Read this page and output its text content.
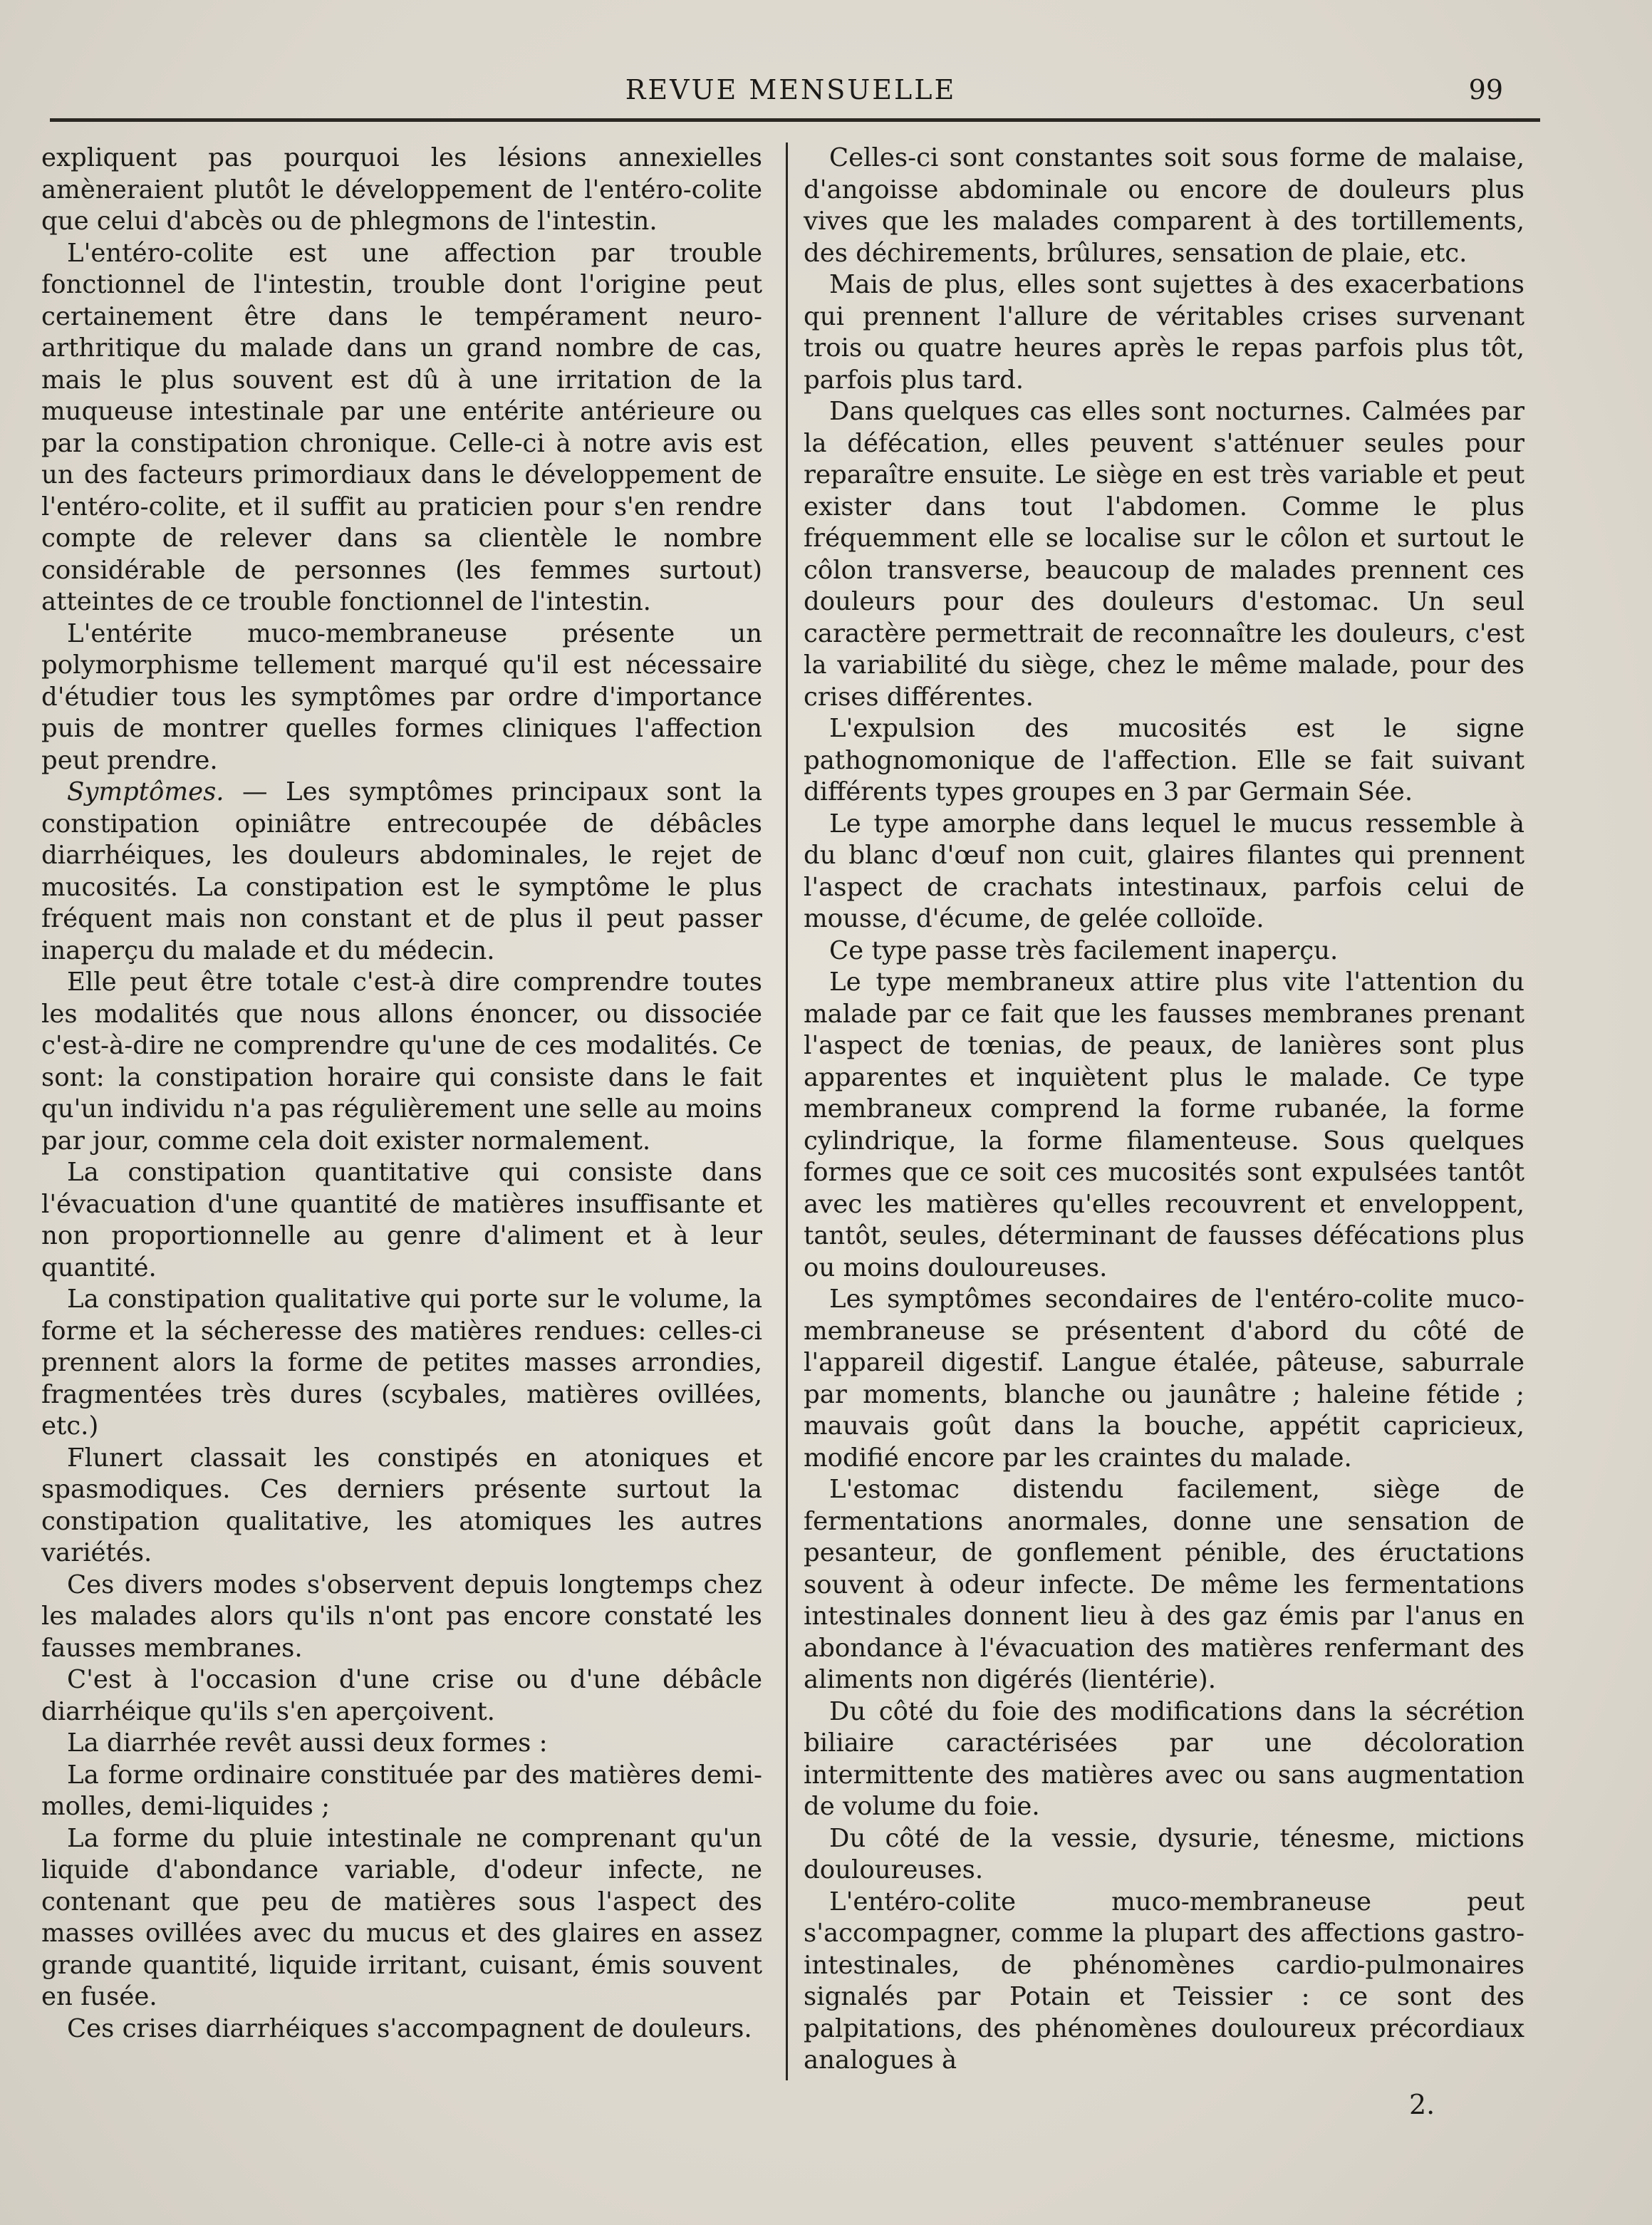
REVUE MENSUELLE	99

expliquent pas pourquoi les lésions annexielles amèneraient plutôt le développement de l'entéro-colite que celui d'abcès ou de phlegmons de l'intestin.

L'entéro-colite est une affection par trouble fonctionnel de l'intestin, trouble dont l'origine peut certainement être dans le tempérament neuro-arthritique du malade dans un grand nombre de cas, mais le plus souvent est dû à une irritation de la muqueuse intestinale par une entérite antérieure ou par la constipation chronique. Celle-ci à notre avis est un des facteurs primordiaux dans le développement de l'entéro-colite, et il suffit au praticien pour s'en rendre compte de relever dans sa clientèle le nombre considérable de personnes (les femmes surtout) atteintes de ce trouble fonctionnel de l'intestin.

L'entérite muco-membraneuse présente un polymorphisme tellement marqué qu'il est nécessaire d'étudier tous les symptômes par ordre d'importance puis de montrer quelles formes cliniques l'affection peut prendre.

Symptômes. — Les symptômes principaux sont la constipation opiniâtre entrecoupée de débâcles diarrhéiques, les douleurs abdominales, le rejet de mucosités. La constipation est le symptôme le plus fréquent mais non constant et de plus il peut passer inaperçu du malade et du médecin.

Elle peut être totale c'est-à dire comprendre toutes les modalités que nous allons énoncer, ou dissociée c'est-à-dire ne comprendre qu'une de ces modalités. Ce sont: la constipation horaire qui consiste dans le fait qu'un individu n'a pas régulièrement une selle au moins par jour, comme cela doit exister normalement.

La constipation quantitative qui consiste dans l'évacuation d'une quantité de matières insuffisante et non proportionnelle au genre d'aliment et à leur quantité.

La constipation qualitative qui porte sur le volume, la forme et la sécheresse des matières rendues: celles-ci prennent alors la forme de petites masses arrondies, fragmentées très dures (scybales, matières ovillées, etc.)

Flunert classait les constipés en atoniques et spasmodiques. Ces derniers présente surtout la constipation qualitative, les atomiques les autres variétés.

Ces divers modes s'observent depuis longtemps chez les malades alors qu'ils n'ont pas encore constaté les fausses membranes.

C'est à l'occasion d'une crise ou d'une débâcle diarrhéique qu'ils s'en aperçoivent.

La diarrhée revêt aussi deux formes :

La forme ordinaire constituée par des matières demi-molles, demi-liquides ;

La forme du pluie intestinale ne comprenant qu'un liquide d'abondance variable, d'odeur infecte, ne contenant que peu de matières sous l'aspect des masses ovillées avec du mucus et des glaires en assez grande quantité, liquide irritant, cuisant, émis souvent en fusée.

Ces crises diarrhéiques s'accompagnent de douleurs.

Celles-ci sont constantes soit sous forme de malaise, d'angoisse abdominale ou encore de douleurs plus vives que les malades comparent à des tortillements, des déchirements, brûlures, sensation de plaie, etc.

Mais de plus, elles sont sujettes à des exacerbations qui prennent l'allure de véritables crises survenant trois ou quatre heures après le repas parfois plus tôt, parfois plus tard.

Dans quelques cas elles sont nocturnes. Calmées par la défécation, elles peuvent s'atténuer seules pour reparaître ensuite. Le siège en est très variable et peut exister dans tout l'abdomen. Comme le plus fréquemment elle se localise sur le côlon et surtout le côlon transverse, beaucoup de malades prennent ces douleurs pour des douleurs d'estomac. Un seul caractère permettrait de reconnaître les douleurs, c'est la variabilité du siège, chez le même malade, pour des crises différentes.

L'expulsion des mucosités est le signe pathognomonique de l'affection. Elle se fait suivant différents types groupes en 3 par Germain Sée.

Le type amorphe dans lequel le mucus ressemble à du blanc d'œuf non cuit, glaires filantes qui prennent l'aspect de crachats intestinaux, parfois celui de mousse, d'écume, de gelée colloïde.

Ce type passe très facilement inaperçu.

Le type membraneux attire plus vite l'attention du malade par ce fait que les fausses membranes prenant l'aspect de tœnias, de peaux, de lanières sont plus apparentes et inquiètent plus le malade. Ce type membraneux comprend la forme rubanée, la forme cylindrique, la forme filamenteuse. Sous quelques formes que ce soit ces mucosités sont expulsées tantôt avec les matières qu'elles recouvrent et enveloppent, tantôt, seules, déterminant de fausses défécations plus ou moins douloureuses.

Les symptômes secondaires de l'entéro-colite muco-membraneuse se présentent d'abord du côté de l'appareil digestif. Langue étalée, pâteuse, saburrale par moments, blanche ou jaunâtre ; haleine fétide ; mauvais goût dans la bouche, appétit capricieux, modifié encore par les craintes du malade.

L'estomac distendu facilement, siège de fermentations anormales, donne une sensation de pesanteur, de gonflement pénible, des éructations souvent à odeur infecte. De même les fermentations intestinales donnent lieu à des gaz émis par l'anus en abondance à l'évacuation des matières renfermant des aliments non digérés (lientérie).

Du côté du foie des modifications dans la sécrétion biliaire caractérisées par une décoloration intermittente des matières avec ou sans augmentation de volume du foie.

Du côté de la vessie, dysurie, ténesme, mictions douloureuses.

L'entéro-colite muco-membraneuse peut s'accompagner, comme la plupart des affections gastro-intestinales, de phénomènes cardio-pulmonaires signalés par Potain et Teissier : ce sont des palpitations, des phénomènes douloureux précordiaux analogues à

2.
